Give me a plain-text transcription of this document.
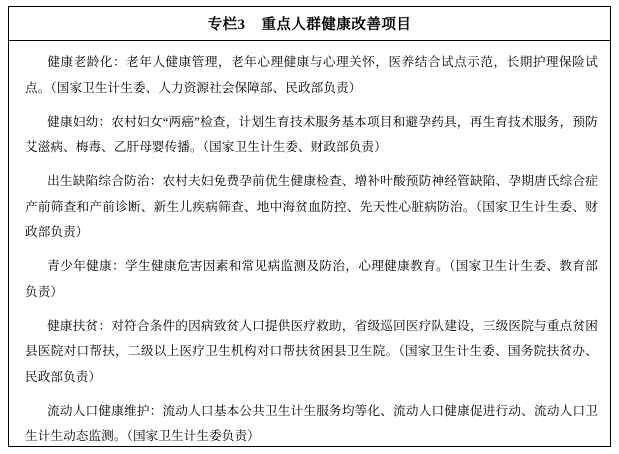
专栏3 重点人群健康改善项目

健康老龄化：老年人健康管理，老年心理健康与心理关怀，医养结合试点示范，长期护理保险试点。（国家卫生计生委、人力资源社会保障部、民政部负责）

健康妇幼：农村妇女“两癌”检查，计划生育技术服务基本项目和避孕药具，再生育技术服务，预防艾滋病、梅毒、乙肝母婴传播。（国家卫生计生委、财政部负责）

出生缺陷综合防治：农村夫妇免费孕前优生健康检查、增补叶酸预防神经管缺陷、孕期唐氏综合症产前筛查和产前诊断、新生儿疾病筛查、地中海贫血防控、先天性心脏病防治。（国家卫生计生委、财政部负责）

青少年健康：学生健康危害因素和常见病监测及防治，心理健康教育。（国家卫生计生委、教育部负责）

健康扶贫：对符合条件的因病致贫人口提供医疗救助，省级巡回医疗队建设，三级医院与重点贫困县医院对口帮扶，二级以上医疗卫生机构对口帮扶贫困县卫生院。（国家卫生计生委、国务院扶贫办、民政部负责）

流动人口健康维护：流动人口基本公共卫生计生服务均等化、流动人口健康促进行动、流动人口卫生计生动态监测。（国家卫生计生委负责）
